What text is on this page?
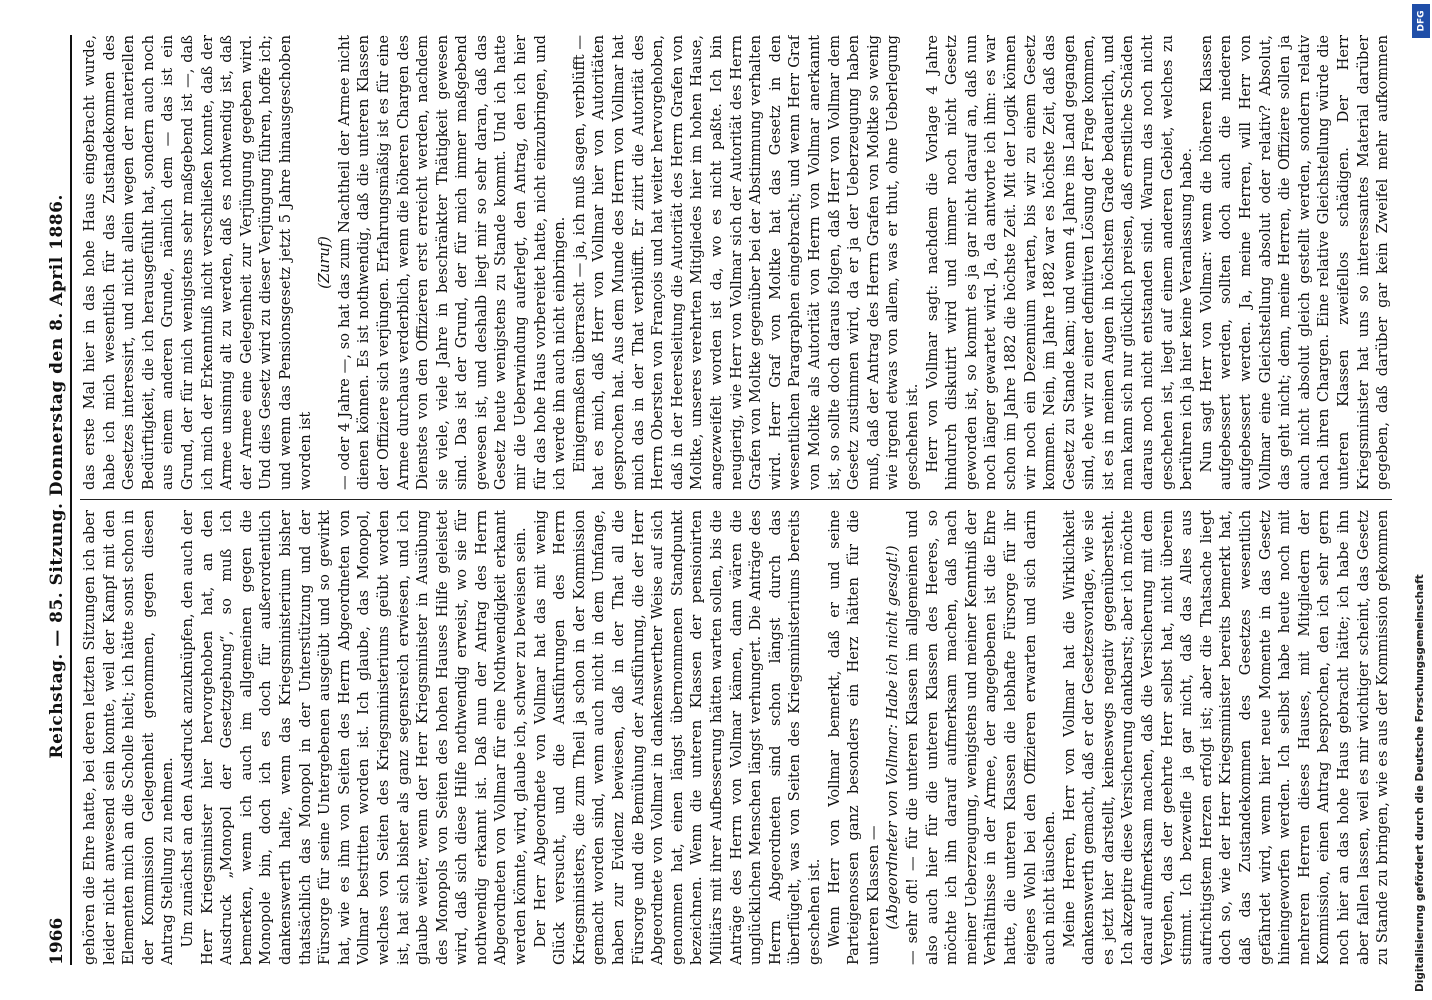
1966
Reichstag. — 85. Sitzung. Donnerstag den 8. April 1886. gehören die Ehre hatte, bei deren letzten Sitzungen ich aber leider nicht anwesend sein konnte, weil der Kampf mit den Elementen mich an die Scholle hielt; ich hätte sonst schon in der Kommission Gelegenheit genommen, gegen diesen Antrag Stellung zu nehmen. Um zunächst an den Ausdruck anzuknüpfen, den auch der Herr Kriegsminister hier hervorgehoben hat, an den Ausdruck „Monopol der Gesetzgebung“, so muß ich bemerken, wenn ich auch im allgemeinen gegen die Monopole bin, doch ich es doch für außerordentlich dankenswerth halte, wenn das Kriegsministerium bisher thatsächlich das Monopol in der Unterstützung und der Fürsorge für seine Untergebenen ausgeübt und so gewirkt hat, wie es ihm von Seiten des Herrn Abgeordneten von Vollmar bestritten worden ist. Ich glaube, das Monopol, welches von Seiten des Kriegsministeriums geübt worden ist, hat sich bisher als ganz segensreich erwiesen, und ich glaube weiter, wenn der Herr Kriegsminister in Ausübung des Monopols von Seiten des hohen Hauses Hilfe geleistet wird, daß sich diese Hilfe nothwendig erweist, wo sie für nothwendig erkannt ist. Daß nun der Antrag des Herrn Abgeordneten von Vollmar für eine Nothwendigkeit erkannt werden könnte, wird, glaube ich, schwer zu beweisen sein. Der Herr Abgeordnete von Vollmar hat das mit wenig Glück versucht, und die Ausführungen des Herrn Kriegsministers, die zum Theil ja schon in der Kommission gemacht worden sind, wenn auch nicht in dem Umfange, haben zur Evidenz bewiesen, daß in der That all die Fürsorge und die Bemühung der Ausführung, die der Herr Abgeordnete von Vollmar in dankenswerther Weise auf sich genommen hat, einen längst übernommenen Standpunkt bezeichnen. Wenn die unteren Klassen der pensionirten Militärs mit ihrer Aufbesserung hätten warten sollen, bis die Anträge des Herrn von Vollmar kämen, dann wären die unglücklichen Menschen längst verhungert. Die Anträge des Herrn Abgeordneten sind schon längst durch das überflügelt, was von Seiten des Kriegsministeriums bereits geschehen ist. Wenn Herr von Vollmar bemerkt, daß er und seine Parteigenossen ganz besonders ein Herz hätten für die unteren Klassen — (Abgeordneter von Vollmar: Habe ich nicht gesagt!) — sehr oft! — für die unteren Klassen im allgemeinen und also auch hier für die unteren Klassen des Heeres, so möchte ich ihn darauf aufmerksam machen, daß nach meiner Ueberzeugung, wenigstens und meiner Kenntniß der Verhältnisse in der Armee, der angegebenen ist die Ehre hatte, die unteren Klassen die lebhafte Fürsorge für ihr eigenes Wohl bei den Offizieren erwarten und sich darin auch nicht täuschen. Meine Herren, Herr von Vollmar hat die Wirklichkeit dankenswerth gemacht, daß er der Gesetzesvorlage, wie sie es jetzt hier darstellt, keineswegs negativ gegenübersteht. Ich akzeptire diese Versicherung dankbarst; aber ich möchte darauf aufmerksam machen, daß die Versicherung mit dem Vergehen, das der geehrte Herr selbst hat, nicht überein stimmt. Ich bezweifle ja gar nicht, daß das Alles aus aufrichtigstem Herzen erfolgt ist; aber die Thatsache liegt doch so, wie der Herr Kriegsminister bereits bemerkt hat, daß das Zustandekommen des Gesetzes wesentlich gefährdet wird, wenn hier neue Momente in das Gesetz hineingeworfen werden. Ich selbst habe heute noch mit mehreren Herren dieses Hauses, mit Mitgliedern der Kommission, einen Antrag besprochen, den ich sehr gern noch hier an das hohe Haus gebracht hätte; ich habe ihn aber fallen lassen, weil es mir wichtiger scheint, das Gesetz zu Stande zu bringen, wie es aus der Kommission gekommen

das erste Mal hier in das hohe Haus eingebracht wurde, habe ich mich wesentlich für das Zustandekommen des Gesetzes interessirt, und nicht allein wegen der materiellen Bedürftigkeit, die ich herausgefühlt hat, sondern auch noch aus einem anderen Grunde, nämlich dem — das ist ein Grund, der für mich wenigstens sehr maßgebend ist —, daß ich mich der Erkenntniß nicht verschließen konnte, daß der Armee unsinnig alt zu werden, daß es nothwendig ist, daß der Armee eine Gelegenheit zur Verjüngung gegeben wird. Und dies Gesetz wird zu dieser Verjüngung führen, hoffe ich; und wenn das Pensionsgesetz jetzt 5 Jahre hinausgeschoben worden ist

(Zuruf) — oder 4 Jahre —, so hat das zum Nachtheil der Armee nicht dienen können. Es ist nothwendig, daß die unteren Klassen der Offiziere sich verjüngen. Erfahrungsmäßig ist es für eine Armee durchaus verderblich, wenn die höheren Chargen des Dienstes von den Offizieren erst erreicht werden, nachdem sie viele, viele Jahre in beschränkter Thätigkeit gewesen sind. Das ist der Grund, der für mich immer maßgebend gewesen ist, und deshalb liegt mir so sehr daran, daß das Gesetz heute wenigstens zu Stande kommt. Und ich hatte mir die Ueberwindung auferlegt, den Antrag, den ich hier für das hohe Haus vorbereitet hatte, nicht einzubringen, und ich werde ihn auch nicht einbringen. Einigermaßen überrascht — ja, ich muß sagen, verblüfft — hat es mich, daß Herr von Vollmar hier von Autoritäten gesprochen hat. Aus dem Munde des Herrn von Vollmar hat mich das in der That verblüfft. Er zitirt die Autorität des Herrn Obersten von François und hat weiter hervorgehoben, daß in der Heeresleitung die Autorität des Herrn Grafen von Moltke, unseres verehrten Mitgliedes hier im hohen Hause, angezweifelt worden ist da, wo es nicht paßte. Ich bin neugierig, wie Herr von Vollmar sich der Autorität des Herrn Grafen von Moltke gegenüber bei der Abstimmung verhalten wird. Herr Graf von Moltke hat das Gesetz in den wesentlichen Paragraphen eingebracht; und wenn Herr Graf von Moltke als Autorität von Herrn von Vollmar anerkannt ist, so sollte doch daraus folgen, daß Herr von Vollmar dem Gesetz zustimmen wird, da er ja der Ueberzeugung haben muß, daß der Antrag des Herrn Grafen von Moltke so wenig wie irgend etwas von allem, was er thut, ohne Ueberlegung geschehen ist. Herr von Vollmar sagt: nachdem die Vorlage 4 Jahre hindurch diskutirt wird und immer noch nicht Gesetz geworden ist, so kommt es ja gar nicht darauf an, daß nun noch länger gewartet wird. Ja, da antworte ich ihm: es war schon im Jahre 1882 die höchste Zeit. Mit der Logik können wir noch ein Dezennium warten, bis wir zu einem Gesetz kommen. Nein, im Jahre 1882 war es höchste Zeit, daß das Gesetz zu Stande kam; und wenn 4 Jahre ins Land gegangen sind, ehe wir zu einer definitiven Lösung der Frage kommen, ist es in meinen Augen in höchstem Grade bedauerlich, und man kann sich nur glücklich preisen, daß ernstliche Schäden daraus noch nicht entstanden sind. Warum das noch nicht geschehen ist, liegt auf einem anderen Gebiet, welches zu berühren ich ja hier keine Veranlassung habe. Nun sagt Herr von Vollmar: wenn die höheren Klassen aufgebessert werden, sollten doch auch die niederen aufgebessert werden. Ja, meine Herren, will Herr von Vollmar eine Gleichstellung absolut oder relativ? Absolut, das geht nicht; denn, meine Herren, die Offiziere sollen ja auch nicht absolut gleich gestellt werden, sondern relativ nach ihren Chargen. Eine relative Gleichstellung würde die unteren Klassen zweifellos schädigen. Der Herr Kriegsminister hat uns so interessantes Material darüber gegeben, daß darüber gar kein Zweifel mehr aufkommen

Digitalisierung gefördert durch die Deutsche Forschungsgemeinschaft
DFG
